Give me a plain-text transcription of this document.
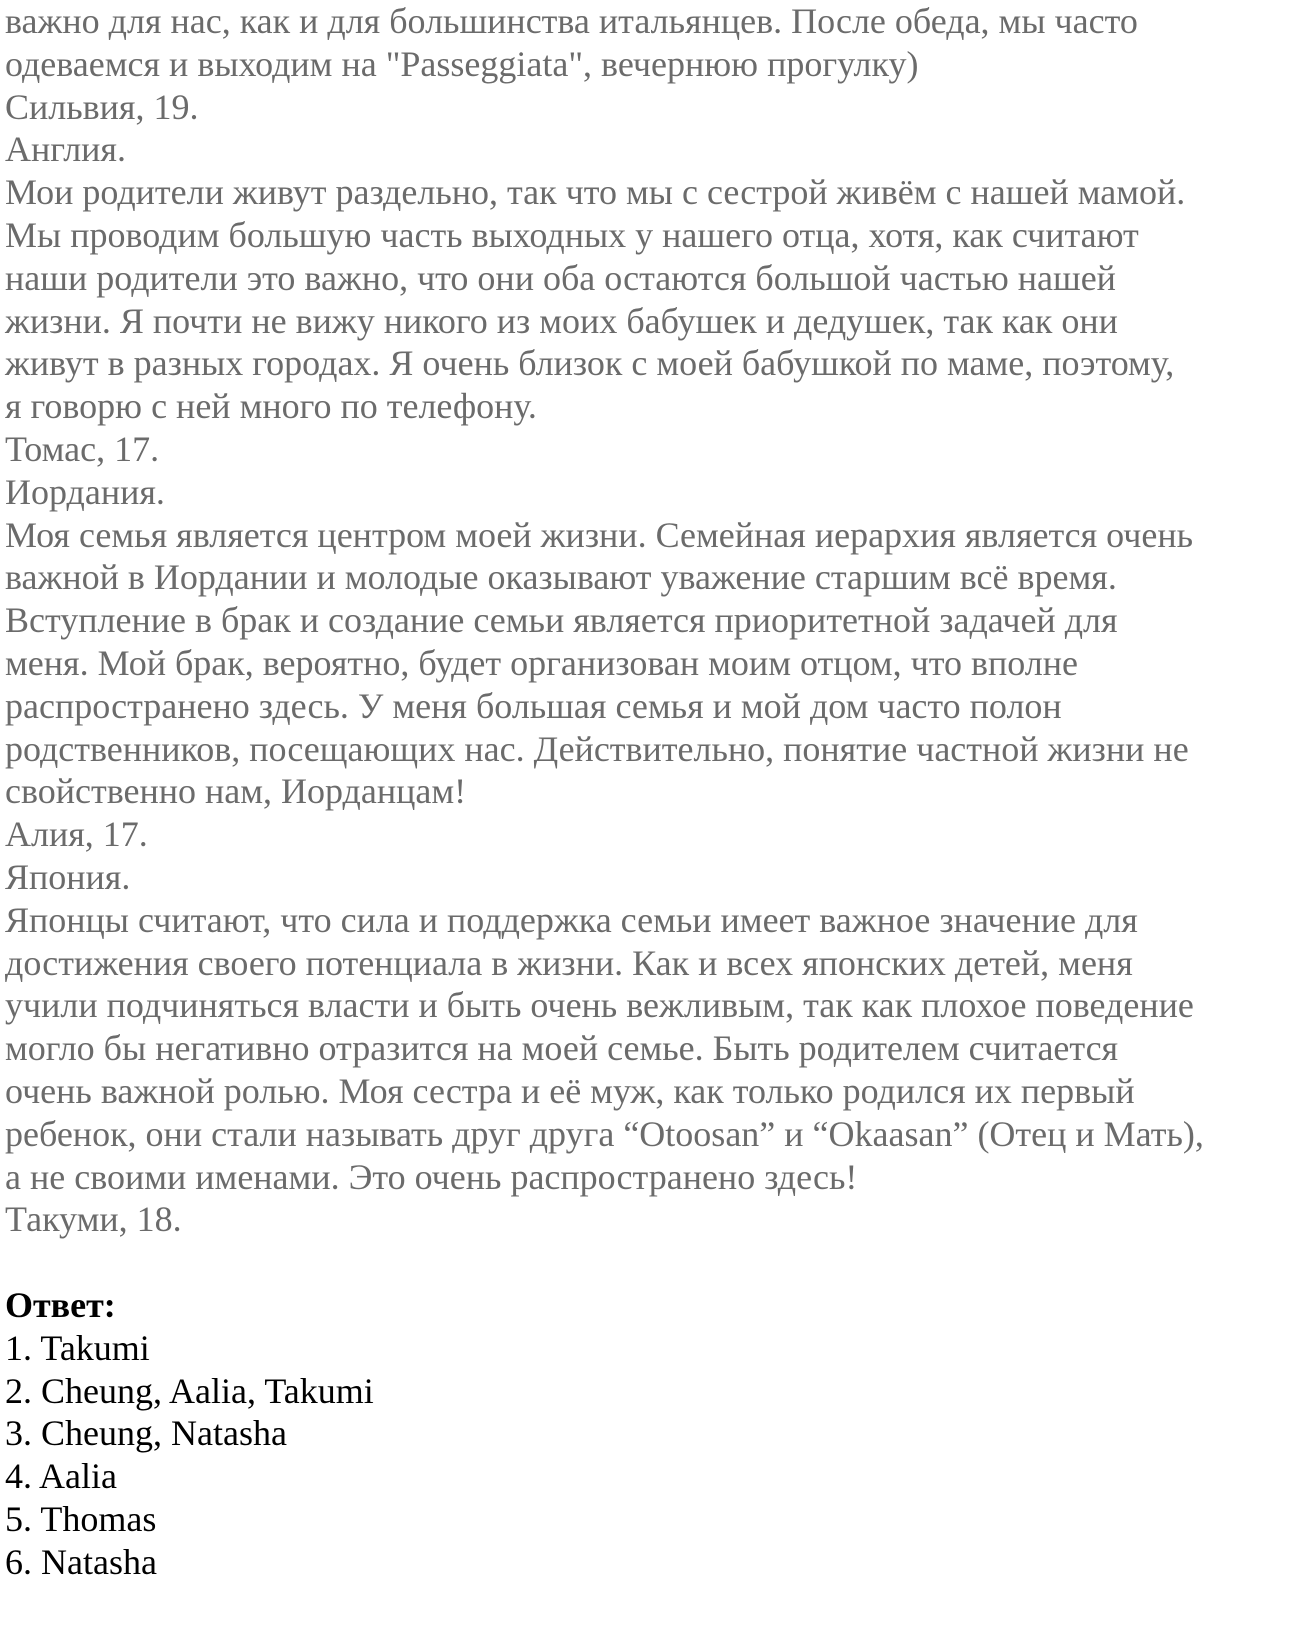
важно для нас, как и для большинства итальянцев. После обеда, мы часто
одеваемся и выходим на "Passeggiata", вечернюю прогулку)
Сильвия, 19.
Англия.
Мои родители живут раздельно, так что мы с сестрой живём с нашей мамой.
Мы проводим большую часть выходных у нашего отца, хотя, как считают
наши родители это важно, что они оба остаются большой частью нашей
жизни. Я почти не вижу никого из моих бабушек и дедушек, так как они
живут в разных городах. Я очень близок с моей бабушкой по маме, поэтому,
я говорю с ней много по телефону.
Томас, 17.
Иордания.
Моя семья является центром моей жизни. Семейная иерархия является очень
важной в Иордании и молодые оказывают уважение старшим всё время.
Вступление в брак и создание семьи является приоритетной задачей для
меня. Мой брак, вероятно, будет организован моим отцом, что вполне
распространено здесь. У меня большая семья и мой дом часто полон
родственников, посещающих нас. Действительно, понятие частной жизни не
свойственно нам, Иорданцам!
Алия, 17.
Япония.
Японцы считают, что сила и поддержка семьи имеет важное значение для
достижения своего потенциала в жизни. Как и всех японских детей, меня
учили подчиняться власти и быть очень вежливым, так как плохое поведение
могло бы негативно отразится на моей семье. Быть родителем считается
очень важной ролью. Моя сестра и её муж, как только родился их первый
ребенок, они стали называть друг друга “Otoosan” и “Okaasan” (Отец и Мать),
а не своими именами. Это очень распространено здесь!
Такуми, 18.
Ответ:
1. Takumi
2. Cheung, Aalia, Takumi
3. Cheung, Natasha
4. Aalia
5. Thomas
6. Natasha
